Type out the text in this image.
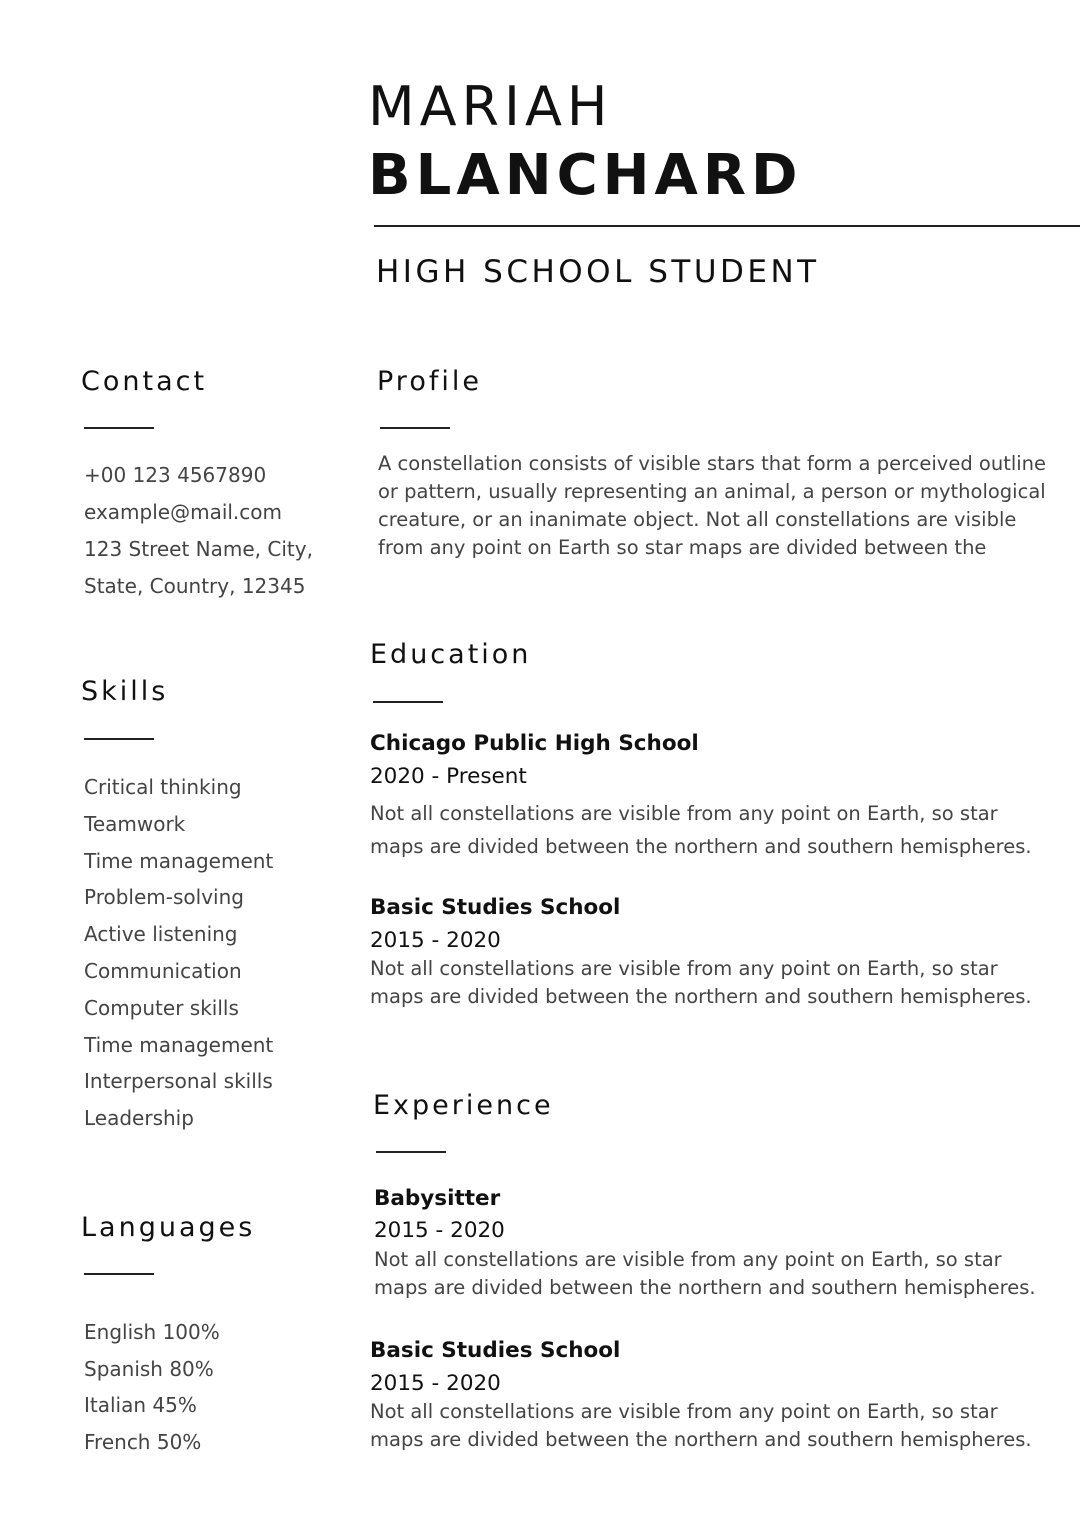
MARIAH
BLANCHARD
HIGH SCHOOL STUDENT
Contact
+00 123 4567890
example@mail.com
123 Street Name, City,
State, Country, 12345
Skills
Critical thinking
Teamwork
Time management
Problem-solving
Active listening
Communication
Computer skills
Time management
Interpersonal skills
Leadership
Languages
English 100%
Spanish 80%
Italian 45%
French 50%
Profile
A constellation consists of visible stars that form a perceived outline
or pattern, usually representing an animal, a person or mythological
creature, or an inanimate object. Not all constellations are visible
from any point on Earth so star maps are divided between the
Education
Chicago Public High School
2020 - Present
Not all constellations are visible from any point on Earth, so star
maps are divided between the northern and southern hemispheres.
Basic Studies School
2015 - 2020
Not all constellations are visible from any point on Earth, so star
maps are divided between the northern and southern hemispheres.
Experience
Babysitter
2015 - 2020
Not all constellations are visible from any point on Earth, so star
maps are divided between the northern and southern hemispheres.
Basic Studies School
2015 - 2020
Not all constellations are visible from any point on Earth, so star
maps are divided between the northern and southern hemispheres.
